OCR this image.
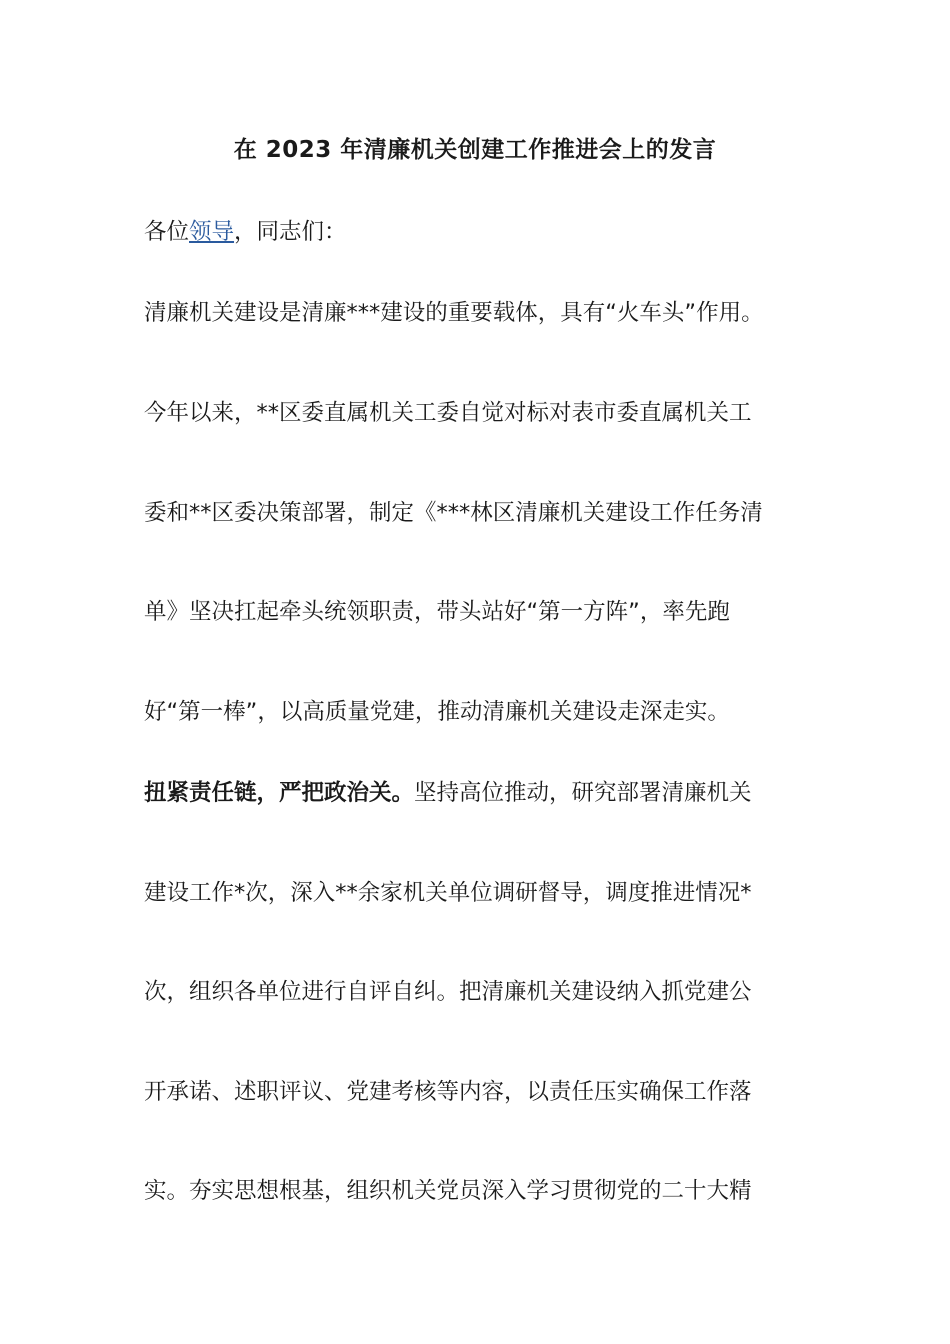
在 2023 年清廉机关创建工作推进会上的发言

各位领导，同志们：

清廉机关建设是清廉***建设的重要载体，具有“火车头”作用。

今年以来，**区委直属机关工委自觉对标对表市委直属机关工

委和**区委决策部署，制定《***林区清廉机关建设工作任务清

单》坚决扛起牵头统领职责，带头站好“第一方阵”，率先跑

好“第一棒”，以高质量党建，推动清廉机关建设走深走实。

扭紧责任链，严把政治关。坚持高位推动，研究部署清廉机关

建设工作*次，深入**余家机关单位调研督导，调度推进情况*

次，组织各单位进行自评自纠。把清廉机关建设纳入抓党建公

开承诺、述职评议、党建考核等内容，以责任压实确保工作落

实。夯实思想根基，组织机关党员深入学习贯彻党的二十大精
